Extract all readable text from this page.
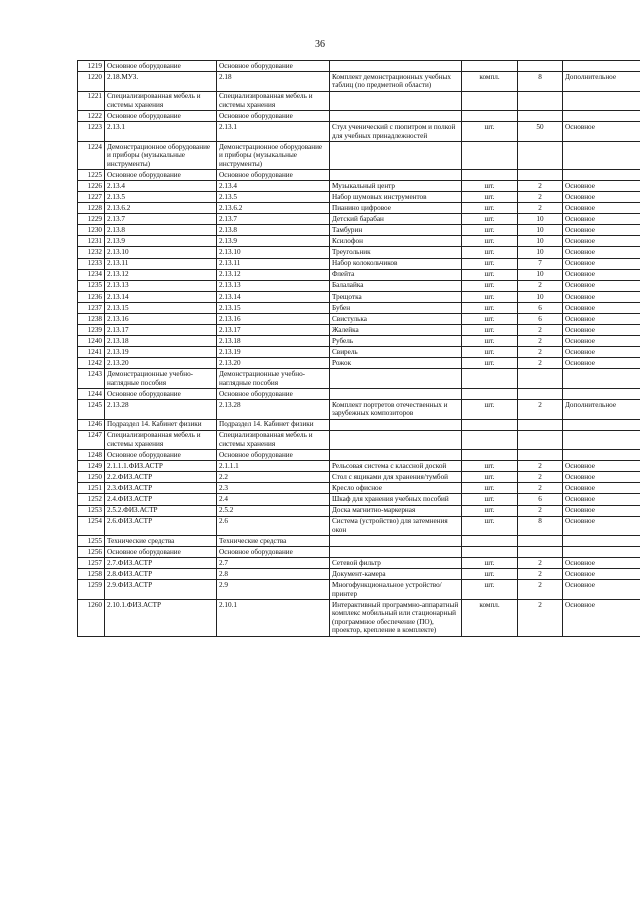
36
1219	Основное оборудование	Основное оборудование				
1220	2.18.МУЗ.	2.18	Комплект демонстрационных учебных таблиц (по предметной области)	компл.	8	Дополнительное
1221	Специализированная мебель и системы хранения	Специализированная мебель и системы хранения				
1222	Основное оборудование	Основное оборудование				
1223	2.13.1	2.13.1	Стул ученический с пюпитром и полкой для учебных принадлежностей	шт.	50	Основное
1224	Демонстрационное оборудование и приборы (музыкальные инструменты)	Демонстрационное оборудование и приборы (музыкальные инструменты)				
1225	Основное оборудование	Основное оборудование				
1226	2.13.4	2.13.4	Музыкальный центр	шт.	2	Основное
1227	2.13.5	2.13.5	Набор шумовых инструментов	шт.	2	Основное
1228	2.13.6.2	2.13.6.2	Пианино цифровое	шт.	2	Основное
1229	2.13.7	2.13.7	Детский барабан	шт.	10	Основное
1230	2.13.8	2.13.8	Тамбурин	шт.	10	Основное
1231	2.13.9	2.13.9	Ксилофон	шт.	10	Основное
1232	2.13.10	2.13.10	Треугольник	шт.	10	Основное
1233	2.13.11	2.13.11	Набор колокольчиков	шт.	7	Основное
1234	2.13.12	2.13.12	Флейта	шт.	10	Основное
1235	2.13.13	2.13.13	Балалайка	шт.	2	Основное
1236	2.13.14	2.13.14	Трещотка	шт.	10	Основное
1237	2.13.15	2.13.15	Бубен	шт.	6	Основное
1238	2.13.16	2.13.16	Свистулька	шт.	6	Основное
1239	2.13.17	2.13.17	Жалейка	шт.	2	Основное
1240	2.13.18	2.13.18	Рубель	шт.	2	Основное
1241	2.13.19	2.13.19	Свирель	шт.	2	Основное
1242	2.13.20	2.13.20	Рожок	шт.	2	Основное
1243	Демонстрационные учебно-наглядные пособия	Демонстрационные учебно-наглядные пособия				
1244	Основное оборудование	Основное оборудование				
1245	2.13.28	2.13.28	Комплект портретов отечественных и зарубежных композиторов	шт.	2	Дополнительное
1246	Подраздел 14. Кабинет физики	Подраздел 14. Кабинет физики				
1247	Специализированная мебель и системы хранения	Специализированная мебель и системы хранения				
1248	Основное оборудование	Основное оборудование				
1249	2.1.1.1.ФИЗ.АСТР	2.1.1.1	Рельсовая система с классной доской	шт.	2	Основное
1250	2.2.ФИЗ.АСТР	2.2	Стол с ящиками для хранения/тумбой	шт.	2	Основное
1251	2.3.ФИЗ.АСТР	2.3	Кресло офисное	шт.	2	Основное
1252	2.4.ФИЗ.АСТР	2.4	Шкаф для хранения учебных пособий	шт.	6	Основное
1253	2.5.2.ФИЗ.АСТР	2.5.2	Доска магнитно-маркерная	шт.	2	Основное
1254	2.6.ФИЗ.АСТР	2.6	Система (устройство) для затемнения окон	шт.	8	Основное
1255	Технические средства	Технические средства				
1256	Основное оборудование	Основное оборудование				
1257	2.7.ФИЗ.АСТР	2.7	Сетевой фильтр	шт.	2	Основное
1258	2.8.ФИЗ.АСТР	2.8	Документ-камера	шт.	2	Основное
1259	2.9.ФИЗ.АСТР	2.9	Многофункциональное устройство/принтер	шт.	2	Основное
1260	2.10.1.ФИЗ.АСТР	2.10.1	Интерактивный программно-аппаратный комплекс мобильный или стационарный (программное обеспечение (ПО), проектор, крепление в комплекте)	компл.	2	Основное
